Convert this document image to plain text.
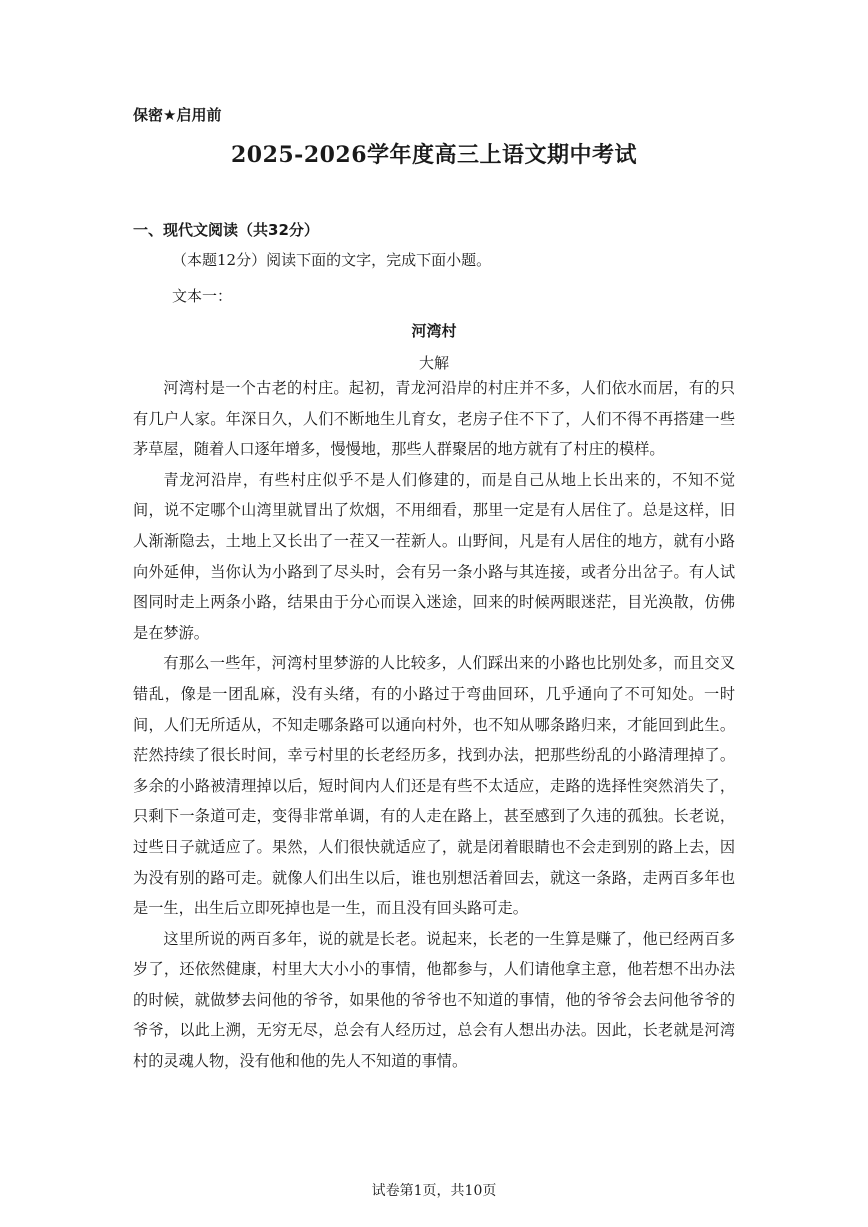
保密★启用前
2025-2026学年度高三上语文期中考试
一、现代文阅读（共32分）
（本题12分）阅读下面的文字，完成下面小题。
文本一：
河湾村
大解

河湾村是一个古老的村庄。起初，青龙河沿岸的村庄并不多，人们依水而居，有的只有几户人家。年深日久，人们不断地生儿育女，老房子住不下了，人们不得不再搭建一些茅草屋，随着人口逐年增多，慢慢地，那些人群聚居的地方就有了村庄的模样。

青龙河沿岸，有些村庄似乎不是人们修建的，而是自己从地上长出来的，不知不觉间，说不定哪个山湾里就冒出了炊烟，不用细看，那里一定是有人居住了。总是这样，旧人渐渐隐去，土地上又长出了一茬又一茬新人。山野间，凡是有人居住的地方，就有小路向外延伸，当你认为小路到了尽头时，会有另一条小路与其连接，或者分出岔子。有人试图同时走上两条小路，结果由于分心而误入迷途，回来的时候两眼迷茫，目光涣散，仿佛是在梦游。

有那么一些年，河湾村里梦游的人比较多，人们踩出来的小路也比别处多，而且交叉错乱，像是一团乱麻，没有头绪，有的小路过于弯曲回环，几乎通向了不可知处。一时间，人们无所适从，不知走哪条路可以通向村外，也不知从哪条路归来，才能回到此生。茫然持续了很长时间，幸亏村里的长老经历多，找到办法，把那些纷乱的小路清理掉了。多余的小路被清理掉以后，短时间内人们还是有些不太适应，走路的选择性突然消失了，只剩下一条道可走，变得非常单调，有的人走在路上，甚至感到了久违的孤独。长老说，过些日子就适应了。果然，人们很快就适应了，就是闭着眼睛也不会走到别的路上去，因为没有别的路可走。就像人们出生以后，谁也别想活着回去，就这一条路，走两百多年也是一生，出生后立即死掉也是一生，而且没有回头路可走。

这里所说的两百多年，说的就是长老。说起来，长老的一生算是赚了，他已经两百多岁了，还依然健康，村里大大小小的事情，他都参与，人们请他拿主意，他若想不出办法的时候，就做梦去问他的爷爷，如果他的爷爷也不知道的事情，他的爷爷会去问他爷爷的爷爷，以此上溯，无穷无尽，总会有人经历过，总会有人想出办法。因此，长老就是河湾村的灵魂人物，没有他和他的先人不知道的事情。

试卷第1页，共10页
